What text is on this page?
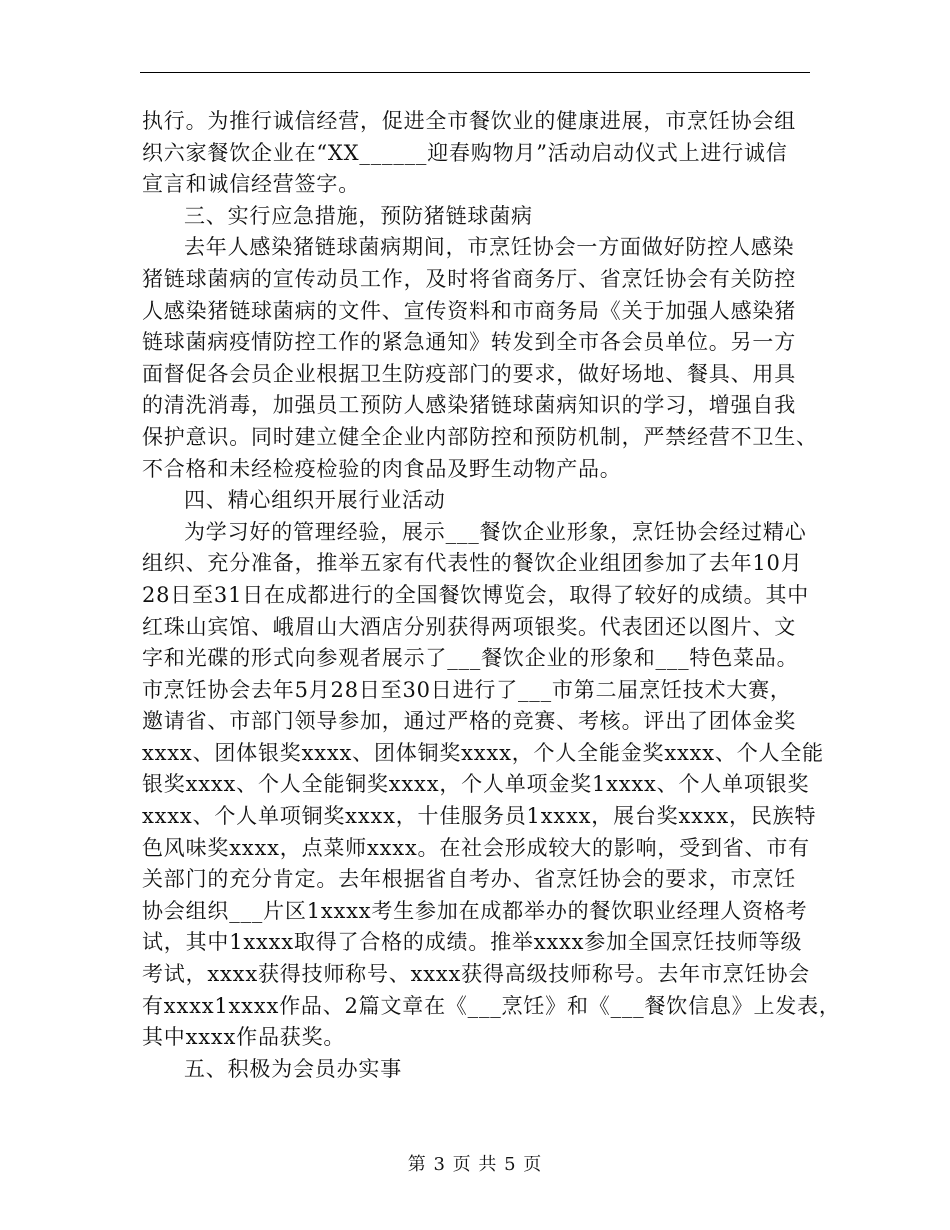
执行。为推行诚信经营，促进全市餐饮业的健康进展，市烹饪协会组
织六家餐饮企业在“XX______迎春购物月”活动启动仪式上进行诚信
宣言和诚信经营签字。
三、实行应急措施，预防猪链球菌病
去年人感染猪链球菌病期间，市烹饪协会一方面做好防控人感染
猪链球菌病的宣传动员工作，及时将省商务厅、省烹饪协会有关防控
人感染猪链球菌病的文件、宣传资料和市商务局《关于加强人感染猪
链球菌病疫情防控工作的紧急通知》转发到全市各会员单位。另一方
面督促各会员企业根据卫生防疫部门的要求，做好场地、餐具、用具
的清洗消毒，加强员工预防人感染猪链球菌病知识的学习，增强自我
保护意识。同时建立健全企业内部防控和预防机制，严禁经营不卫生、
不合格和未经检疫检验的肉食品及野生动物产品。
四、精心组织开展行业活动
为学习好的管理经验，展示___餐饮企业形象，烹饪协会经过精心
组织、充分准备，推举五家有代表性的餐饮企业组团参加了去年10月
28日至31日在成都进行的全国餐饮博览会，取得了较好的成绩。其中
红珠山宾馆、峨眉山大酒店分别获得两项银奖。代表团还以图片、文
字和光碟的形式向参观者展示了___餐饮企业的形象和___特色菜品。
市烹饪协会去年5月28日至30日进行了___市第二届烹饪技术大赛，
邀请省、市部门领导参加，通过严格的竞赛、考核。评出了团体金奖
xxxx、团体银奖xxxx、团体铜奖xxxx，个人全能金奖xxxx、个人全能
银奖xxxx、个人全能铜奖xxxx，个人单项金奖1xxxx、个人单项银奖
xxxx、个人单项铜奖xxxx，十佳服务员1xxxx，展台奖xxxx，民族特
色风味奖xxxx，点菜师xxxx。在社会形成较大的影响，受到省、市有
关部门的充分肯定。去年根据省自考办、省烹饪协会的要求，市烹饪
协会组织___片区1xxxx考生参加在成都举办的餐饮职业经理人资格考
试，其中1xxxx取得了合格的成绩。推举xxxx参加全国烹饪技师等级
考试，xxxx获得技师称号、xxxx获得高级技师称号。去年市烹饪协会
有xxxx1xxxx作品、2篇文章在《___烹饪》和《___餐饮信息》上发表，
其中xxxx作品获奖。
五、积极为会员办实事
第 3 页 共 5 页
